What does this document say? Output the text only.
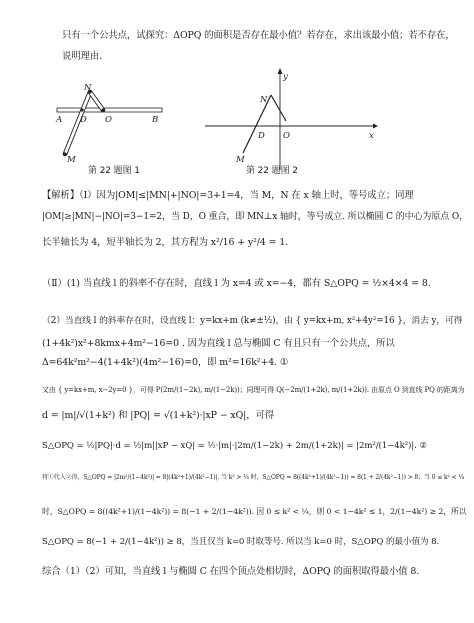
只有一个公共点，试探究：ΔOPQ 的面积是否存在最小值？若存在，求出该最小值；若不存在，
说明理由.
N
A D O	B
M
第 22 题图 1
y
N
D O	x
M
第 22 题图 2
【解析】（Ⅰ）因为|OM|≤|MN|+|NO|=3+1=4，当 M，N 在 x 轴上时，等号成立；同理
|OM|≥|MN|−|NO|=3−1=2，当 D，O 重合，即 MN⊥x 轴时，等号成立. 所以椭圆 C 的中心为原点 O，
长半轴长为 4，短半轴长为 2，其方程为 x²/16 + y²/4 = 1.
（Ⅱ）(1) 当直线 l 的斜率不存在时，直线 l 为 x=4 或 x=−4，都有 S△OPQ = ½×4×4 = 8.
（2）当直线 l 的斜率存在时，设直线 l：y=kx+m (k≠±½)，由 { y=kx+m, x²+4y²=16 }，消去 y，可得
(1+4k²)x²+8kmx+4m²−16=0 . 因为直线 l 总与椭圆 C 有且只有一个公共点，所以
Δ=64k²m²−4(1+4k²)(4m²−16)=0，即 m²=16k²+4. ①
又由 { y=kx+m, x−2y=0 }，可得 P(2m/(1−2k), m/(1−2k))；同理可得 Q(−2m/(1+2k), m/(1+2k)). 由原点 O 到直线 PQ 的距离为
d = |m|/√(1+k²) 和 |PQ| = √(1+k²)·|xP − xQ|，可得
S△OPQ = ½|PQ|·d = ½|m||xP − xQ| = ½·|m|·|2m/(1−2k) + 2m/(1+2k)| = |2m²/(1−4k²)|. ②
将①代入②得，S△OPQ = |2m²/(1−4k²)| = 8|(4k²+1)/(4k²−1)|. 当 k² > ¼ 时，S△OPQ = 8((4k²+1)/(4k²−1)) = 8(1 + 2/(4k²−1)) > 8；当 0 ≤ k² < ¼
时，S△OPQ = 8((4k²+1)/(1−4k²)) = 8(−1 + 2/(1−4k²)). 因 0 ≤ k² < ¼，则 0 < 1−4k² ≤ 1，2/(1−4k²) ≥ 2，所以
S△OPQ = 8(−1 + 2/(1−4k²)) ≥ 8，当且仅当 k=0 时取等号. 所以当 k=0 时，S△OPQ 的最小值为 8.
综合（1）（2）可知，当直线 l 与椭圆 C 在四个顶点处相切时，ΔOPQ 的面积取得最小值 8.
